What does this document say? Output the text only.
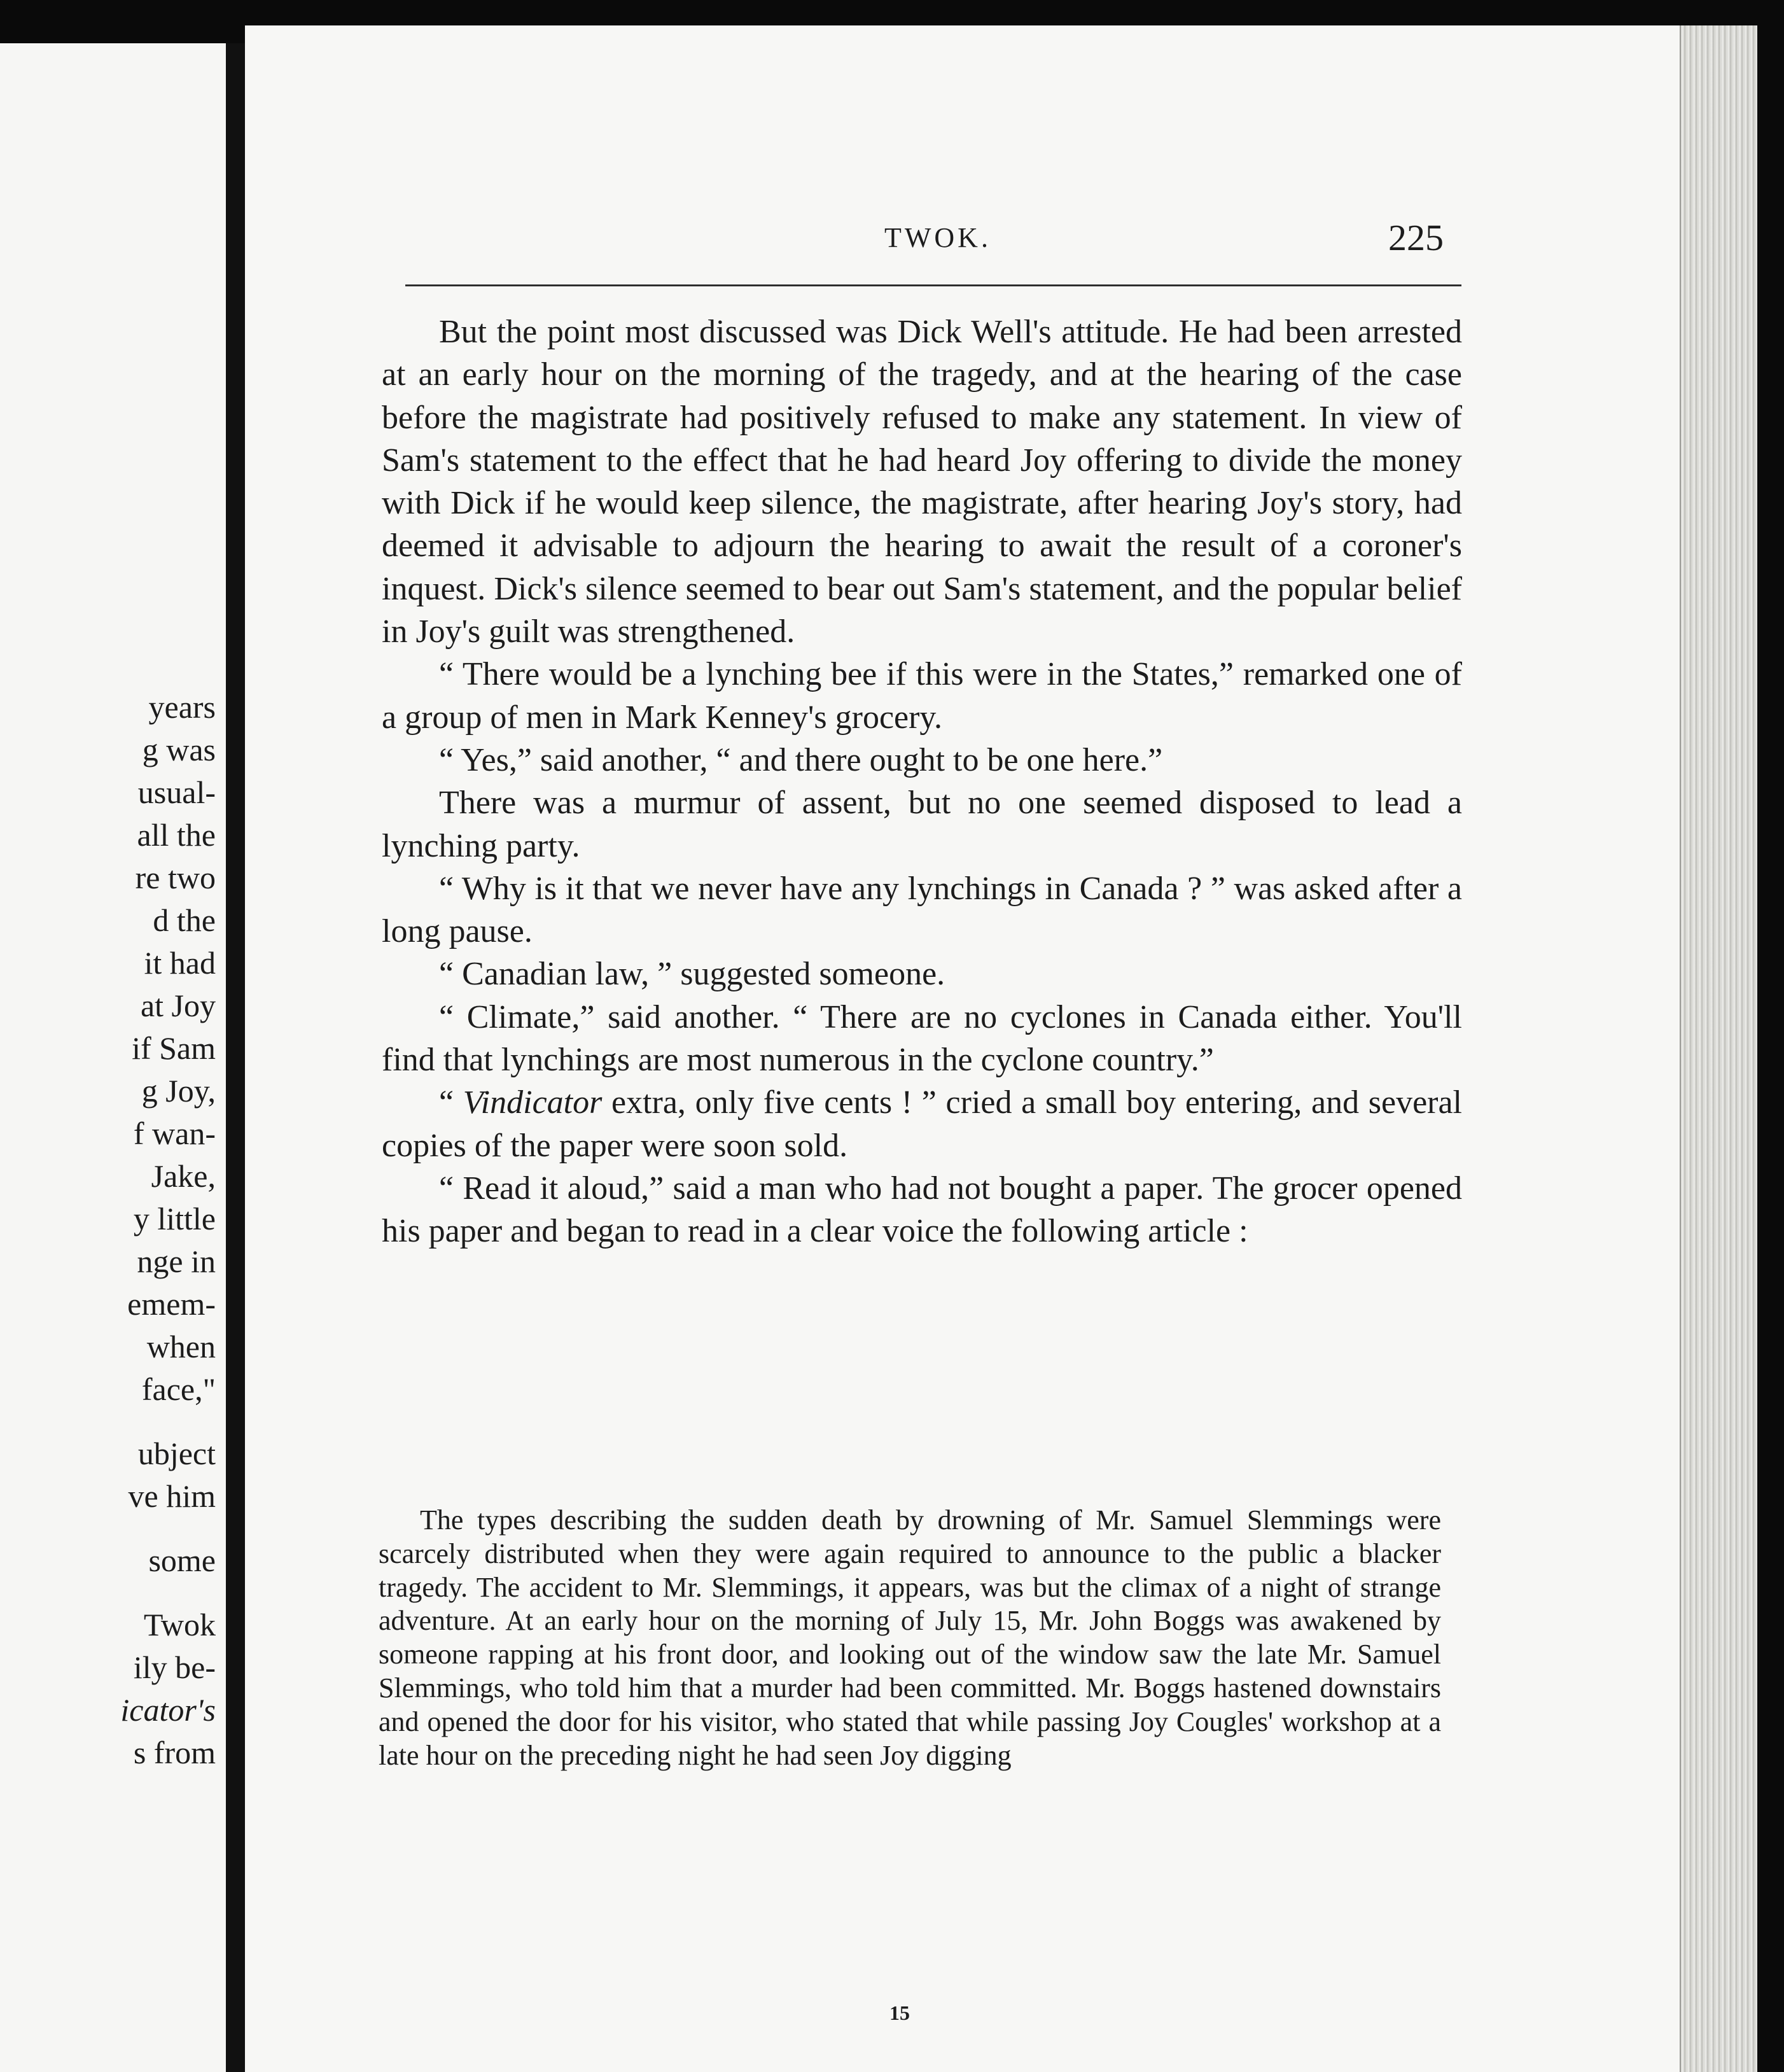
years
g was
usual-
all the
re two
d the
it had
at Joy
if Sam
g Joy,
f wan-
Jake,
y little
nge in
emem-
when
face,"
ubject
ve him
some
Twok
ily be-
icator's
s from
TWOK.	225

But the point most discussed was Dick Well's attitude. He had been arrested at an early hour on the morning of the tragedy, and at the hearing of the case before the magistrate had positively refused to make any statement. In view of Sam's statement to the effect that he had heard Joy offering to divide the money with Dick if he would keep silence, the magistrate, after hearing Joy's story, had deemed it advisable to adjourn the hearing to await the result of a coroner's inquest. Dick's silence seemed to bear out Sam's statement, and the popular belief in Joy's guilt was strengthened.

“ There would be a lynching bee if this were in the States,” remarked one of a group of men in Mark Kenney's grocery.

“ Yes,” said another, “ and there ought to be one here.”

There was a murmur of assent, but no one seemed disposed to lead a lynching party.

“ Why is it that we never have any lynchings in Canada ? ” was asked after a long pause.

“ Canadian law, ” suggested someone.

“ Climate,” said another. “ There are no cyclones in Canada either. You'll find that lynchings are most numerous in the cyclone country.”

“ Vindicator extra, only five cents ! ” cried a small boy entering, and several copies of the paper were soon sold.

“ Read it aloud,” said a man who had not bought a paper. The grocer opened his paper and began to read in a clear voice the following article :

The types describing the sudden death by drowning of Mr. Samuel Slemmings were scarcely distributed when they were again required to announce to the public a blacker tragedy. The accident to Mr. Slemmings, it appears, was but the climax of a night of strange adventure. At an early hour on the morning of July 15, Mr. John Boggs was awakened by someone rapping at his front door, and looking out of the window saw the late Mr. Samuel Slemmings, who told him that a murder had been committed. Mr. Boggs hastened downstairs and opened the door for his visitor, who stated that while passing Joy Cougles' workshop at a late hour on the preceding night he had seen Joy digging

15
